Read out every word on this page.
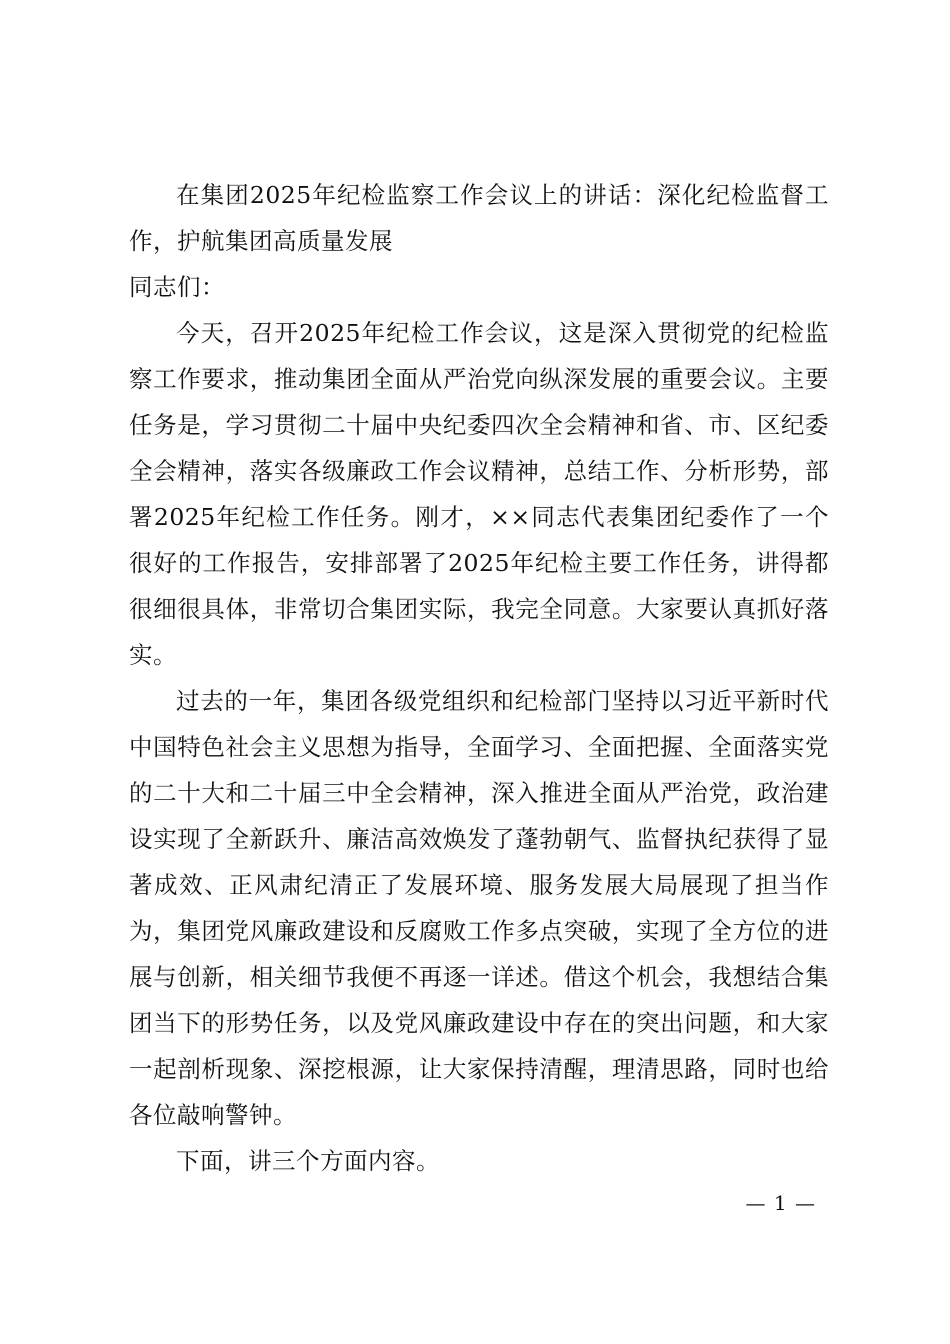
在集团2025年纪检监察工作会议上的讲话：深化纪检监督工作，护航集团高质量发展

同志们：

今天，召开2025年纪检工作会议，这是深入贯彻党的纪检监察工作要求，推动集团全面从严治党向纵深发展的重要会议。主要任务是，学习贯彻二十届中央纪委四次全会精神和省、市、区纪委全会精神，落实各级廉政工作会议精神，总结工作、分析形势，部署2025年纪检工作任务。刚才，××同志代表集团纪委作了一个很好的工作报告，安排部署了2025年纪检主要工作任务，讲得都很细很具体，非常切合集团实际，我完全同意。大家要认真抓好落实。

过去的一年，集团各级党组织和纪检部门坚持以习近平新时代中国特色社会主义思想为指导，全面学习、全面把握、全面落实党的二十大和二十届三中全会精神，深入推进全面从严治党，政治建设实现了全新跃升、廉洁高效焕发了蓬勃朝气、监督执纪获得了显著成效、正风肃纪清正了发展环境、服务发展大局展现了担当作为，集团党风廉政建设和反腐败工作多点突破，实现了全方位的进展与创新，相关细节我便不再逐一详述。借这个机会，我想结合集团当下的形势任务，以及党风廉政建设中存在的突出问题，和大家一起剖析现象、深挖根源，让大家保持清醒，理清思路，同时也给各位敲响警钟。

下面，讲三个方面内容。

— 1 —
